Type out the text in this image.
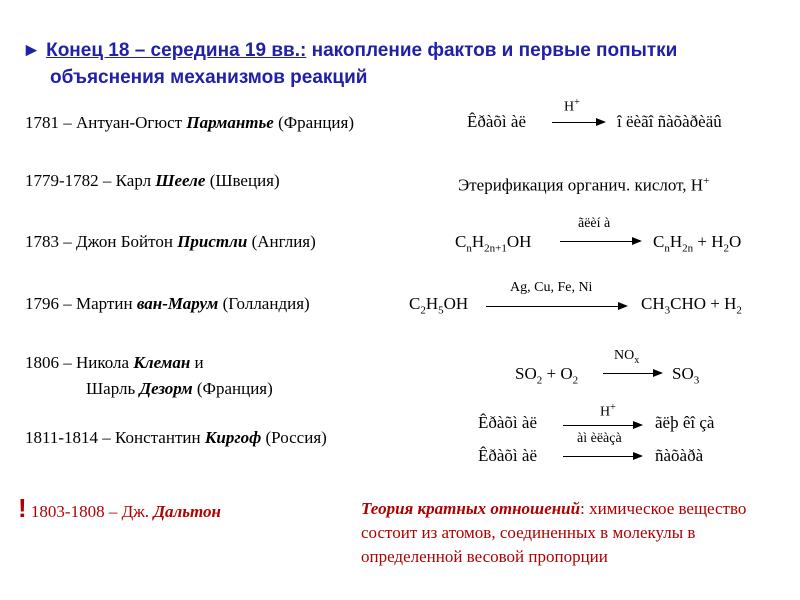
► Конец 18 – середина 19 вв.: накопление фактов и первые попытки
объяснения механизмов реакций
1781 – Антуан-Огюст Пармантье (Франция)
1779-1782 – Карл Шееле (Швеция)
1783 – Джон Бойтон Пристли (Англия)
1796 – Мартин ван-Марум (Голландия)
1806 – Никола Клеман и
Шарль Дезорм (Франция)
1811-1814 – Константин Киргоф (Россия)
Êðàõì àë
H+
→ î ëèãî ñàõàðèäû
Этерификация органич. кислот, H+
$C_nH_{2n+1}OH$
ãëèí à
$C_nH_{2n} + H_2O$
$C_2H_5OH$
Ag, Cu, Fe, Ni
$CH_3CHO + H_2$
$SO_2 + O_2$
$NO_x$
→ $SO_3$
Êðàõì àë
H+
ãëþ êî çà
àì èëàçà
Êðàõì àë	ñàõàðà
! 1803-1808 – Дж. Дальтон	Теория кратных отношений: химическое вещество состоит из атомов, соединенных в молекулы в определенной весовой пропорции
